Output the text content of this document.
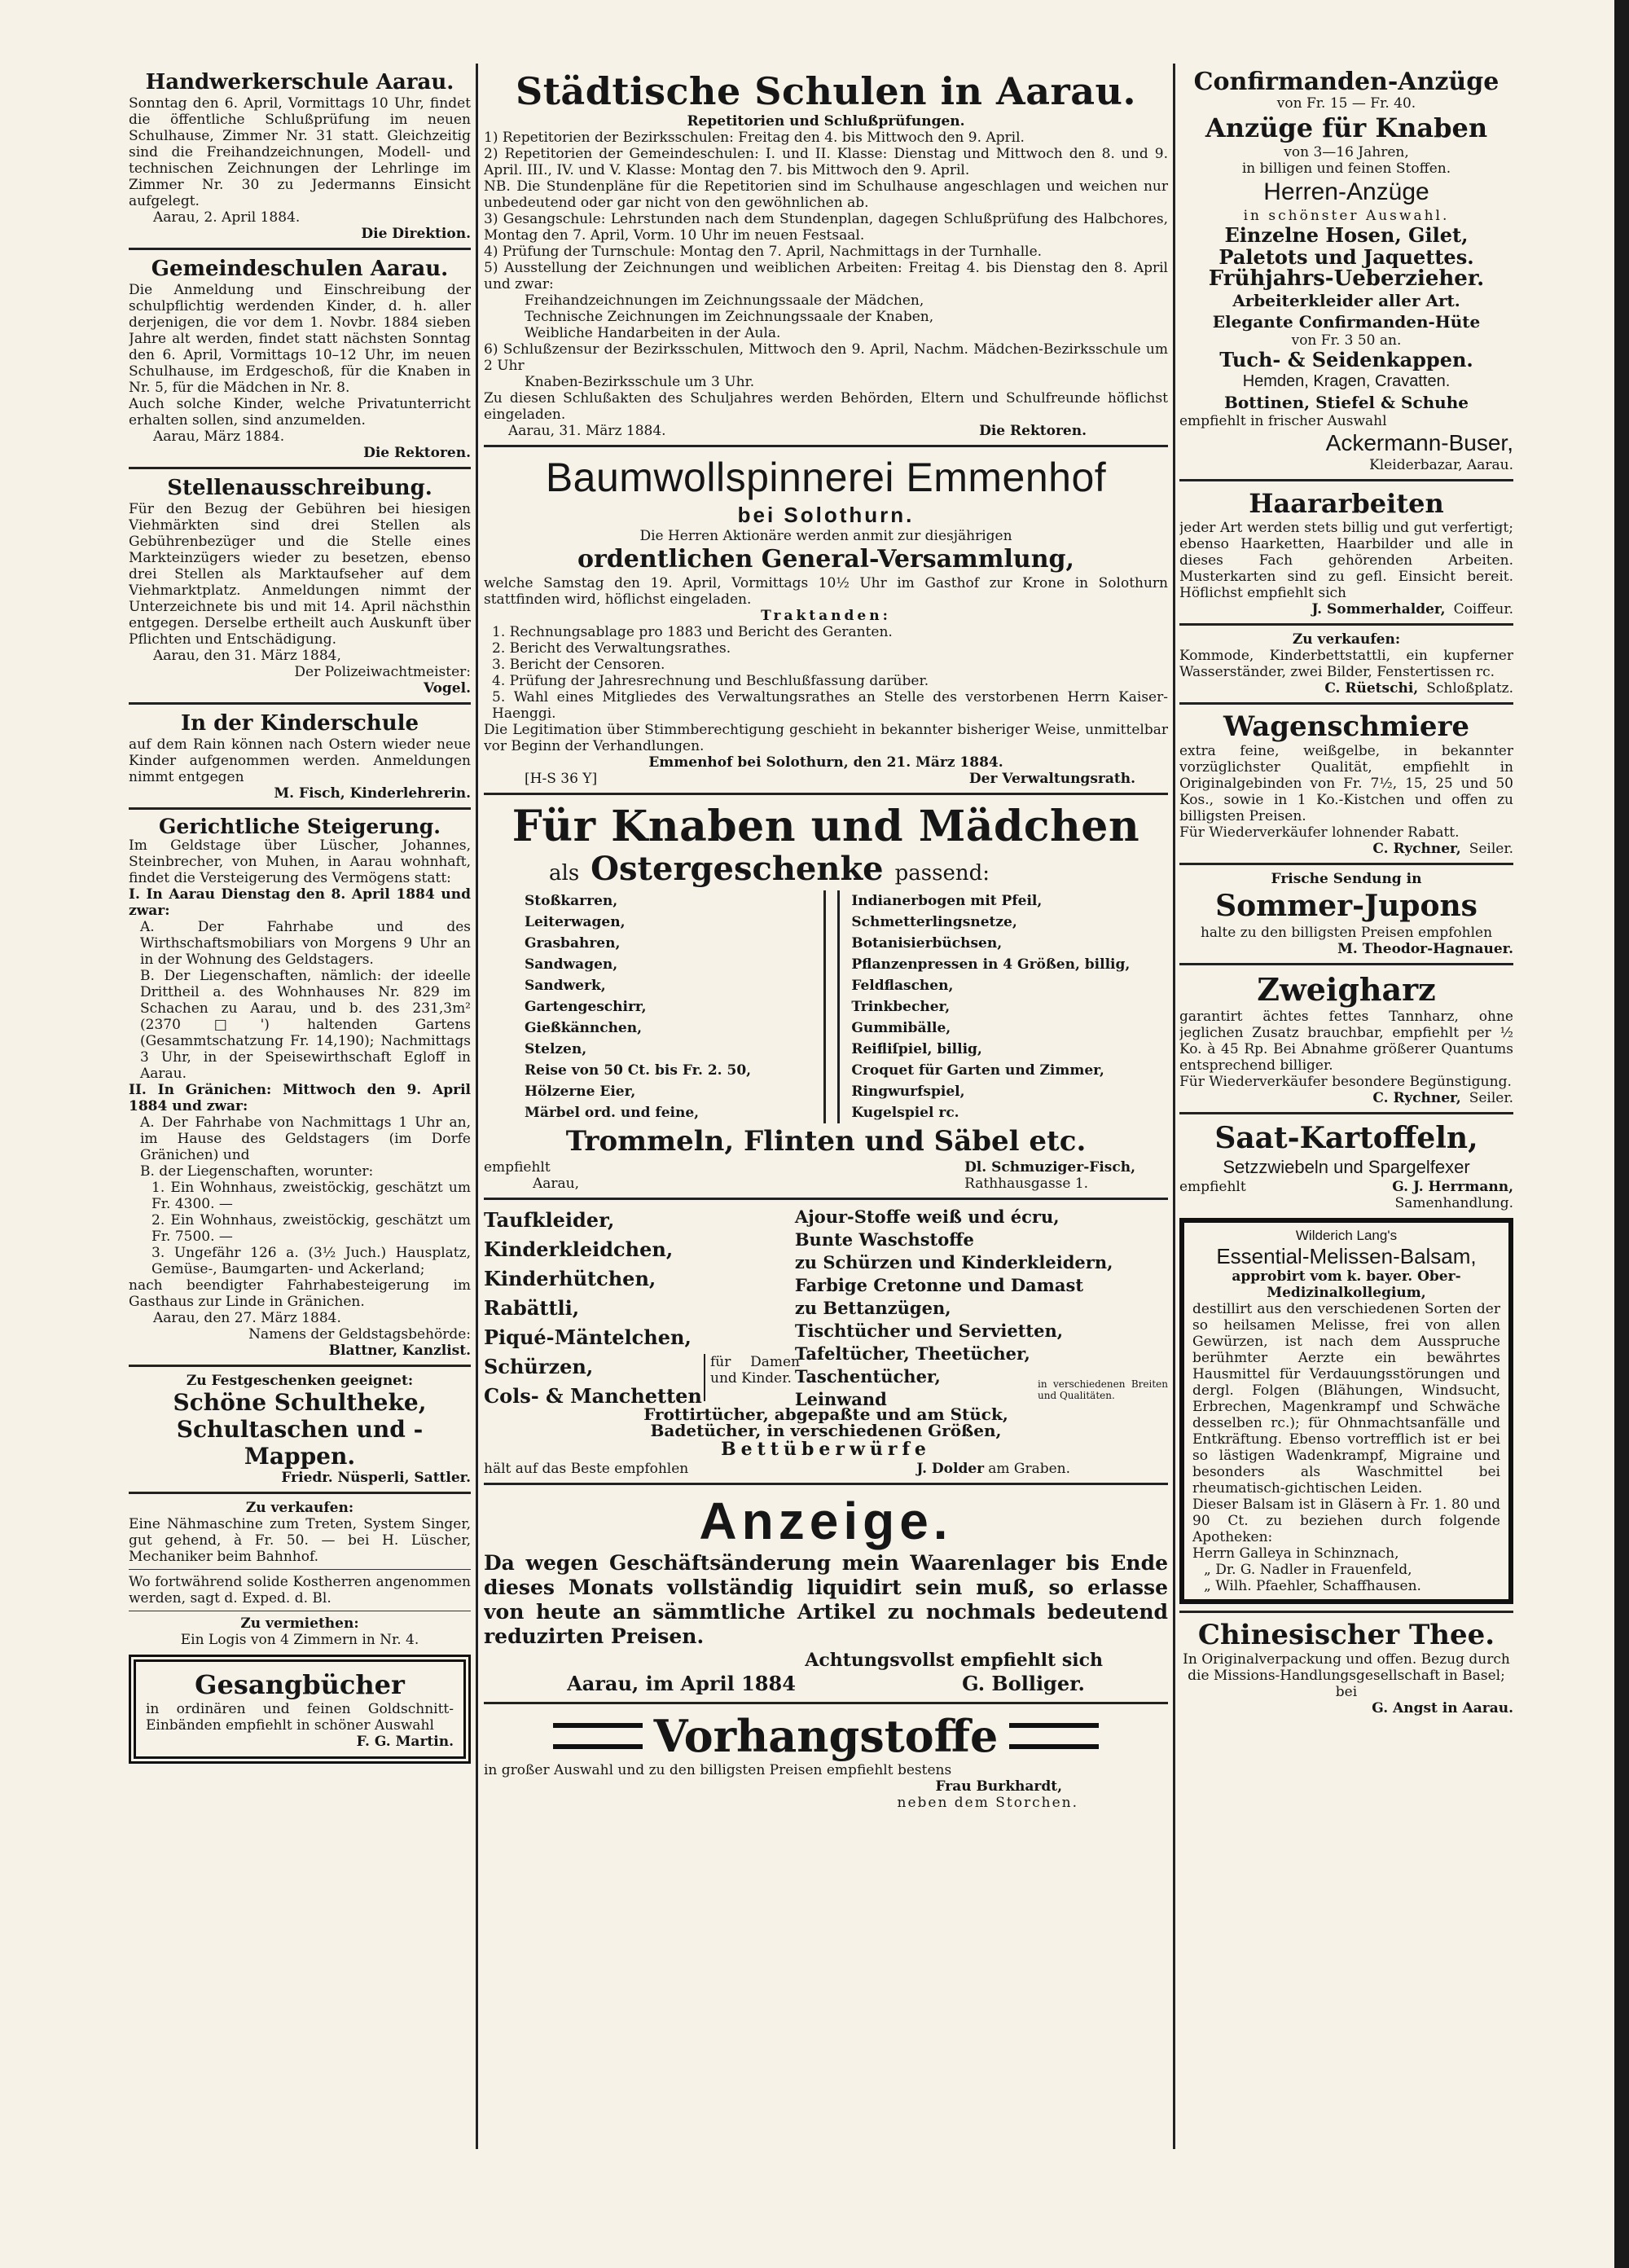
Handwerkerschule Aarau.

Sonntag den 6. April, Vormittags 10 Uhr, findet die öffentliche Schlußprüfung im neuen Schulhause, Zimmer Nr. 31 statt. Gleichzeitig sind die Freihandzeichnungen, Modell- und technischen Zeichnungen der Lehrlinge im Zimmer Nr. 30 zu Jedermanns Einsicht aufgelegt.

Aarau, 2. April 1884.

Die Direktion.
Gemeindeschulen Aarau.

Die Anmeldung und Einschreibung der schulpflichtig werdenden Kinder, d. h. aller derjenigen, die vor dem 1. Novbr. 1884 sieben Jahre alt werden, findet statt nächsten Sonntag den 6. April, Vormittags 10–12 Uhr, im neuen Schulhause, im Erdgeschoß, für die Knaben in Nr. 5, für die Mädchen in Nr. 8.

Auch solche Kinder, welche Privatunterricht erhalten sollen, sind anzumelden.

Aarau, März 1884.

Die Rektoren.
Stellenausschreibung.

Für den Bezug der Gebühren bei hiesigen Viehmärkten sind drei Stellen als Gebührenbezüger und die Stelle eines Markteinzügers wieder zu besetzen, ebenso drei Stellen als Marktaufseher auf dem Viehmarktplatz. Anmeldungen nimmt der Unterzeichnete bis und mit 14. April nächsthin entgegen. Derselbe ertheilt auch Auskunft über Pflichten und Entschädigung.

Aarau, den 31. März 1884,

Der Polizeiwachtmeister:
Vogel.
In der Kinderschule

auf dem Rain können nach Ostern wieder neue Kinder aufgenommen werden. Anmeldungen nimmt entgegen

M. Fisch, Kinderlehrerin.
Gerichtliche Steigerung.

Im Geldstage über Lüscher, Johannes, Steinbrecher, von Muhen, in Aarau wohnhaft, findet die Versteigerung des Vermögens statt:

I. In Aarau Dienstag den 8. April 1884 und zwar:

A. Der Fahrhabe und des Wirthschaftsmobiliars von Morgens 9 Uhr an in der Wohnung des Geldstagers.

B. Der Liegenschaften, nämlich: der ideelle Drittheil a. des Wohnhauses Nr. 829 im Schachen zu Aarau, und b. des 231,3m² (2370□') haltenden Gartens (Gesammtschatzung Fr. 14,190); Nachmittags 3 Uhr, in der Speisewirthschaft Egloff in Aarau.

II. In Gränichen: Mittwoch den 9. April 1884 und zwar:

A. Der Fahrhabe von Nachmittags 1 Uhr an, im Hause des Geldstagers (im Dorfe Gränichen) und

B. der Liegenschaften, worunter:

1. Ein Wohnhaus, zweistöckig, geschätzt um Fr. 4300. —

2. Ein Wohnhaus, zweistöckig, geschätzt um Fr. 7500. —

3. Ungefähr 126 a. (3½ Juch.) Hausplatz, Gemüse-, Baumgarten- und Ackerland;

nach beendigter Fahrhabesteigerung im Gasthaus zur Linde in Gränichen.

Aarau, den 27. März 1884.

Namens der Geldstagsbehörde:
Blattner, Kanzlist.
Zu Festgeschenken geeignet:
Schöne Schultheke, Schultaschen und -Mappen.
Friedr. Nüsperli, Sattler.
Zu verkaufen:

Eine Nähmaschine zum Treten, System Singer, gut gehend, à Fr. 50. — bei H. Lüscher, Mechaniker beim Bahnhof.

Wo fortwährend solide Kostherren angenommen werden, sagt d. Exped. d. Bl.

Zu vermiethen:

Ein Logis von 4 Zimmern in Nr. 4.

Gesangbücher

in ordinären und feinen Goldschnitt-Einbänden empfiehlt in schöner Auswahl

F. G. Martin.
Städtische Schulen in Aarau.
Repetitorien und Schlußprüfungen.

1) Repetitorien der Bezirksschulen: Freitag den 4. bis Mittwoch den 9. April.

2) Repetitorien der Gemeindeschulen: I. und II. Klasse: Dienstag und Mittwoch den 8. und 9. April. III., IV. und V. Klasse: Montag den 7. bis Mittwoch den 9. April.

NB. Die Stundenpläne für die Repetitorien sind im Schulhause angeschlagen und weichen nur unbedeutend oder gar nicht von den gewöhnlichen ab.

3) Gesangschule: Lehrstunden nach dem Stundenplan, dagegen Schlußprüfung des Halbchores, Montag den 7. April, Vorm. 10 Uhr im neuen Festsaal.

4) Prüfung der Turnschule: Montag den 7. April, Nachmittags in der Turnhalle.

5) Ausstellung der Zeichnungen und weiblichen Arbeiten: Freitag 4. bis Dienstag den 8. April und zwar:

Freihandzeichnungen im Zeichnungssaale der Mädchen,

Technische Zeichnungen im Zeichnungssaale der Knaben,

Weibliche Handarbeiten in der Aula.

6) Schlußzensur der Bezirksschulen, Mittwoch den 9. April, Nachm. Mädchen-Bezirksschule um 2 Uhr

Knaben-Bezirksschule um 3 Uhr.

Zu diesen Schlußakten des Schuljahres werden Behörden, Eltern und Schulfreunde höflichst eingeladen.

Aarau, 31. März 1884.	Die Rektoren.
Baumwollspinnerei Emmenhof
bei Solothurn.

Die Herren Aktionäre werden anmit zur diesjährigen

ordentlichen General-Versammlung,

welche Samstag den 19. April, Vormittags 10½ Uhr im Gasthof zur Krone in Solothurn stattfinden wird, höflichst eingeladen.

Traktanden:
1. Rechnungsablage pro 1883 und Bericht des Geranten.
2. Bericht des Verwaltungsrathes.
3. Bericht der Censoren.
4. Prüfung der Jahresrechnung und Beschlußfassung darüber.
5. Wahl eines Mitgliedes des Verwaltungsrathes an Stelle des verstorbenen Herrn Kaiser-Haenggi.

Die Legitimation über Stimmberechtigung geschieht in bekannter bisheriger Weise, unmittelbar vor Beginn der Verhandlungen.

Emmenhof bei Solothurn, den 21. März 1884.

[H-S 36 Y]	Der Verwaltungsrath.
Für Knaben und Mädchen
als Ostergeschenke passend:
Stoßkarren,
Leiterwagen,
Grasbahren,
Sandwagen,
Sandwerk,
Gartengeschirr,
Gießkännchen,
Stelzen,
Reise von 50 Ct. bis Fr. 2. 50,
Hölzerne Eier,
Märbel ord. und feine,
Indianerbogen mit Pfeil,
Schmetterlingsnetze,
Botanisierbüchsen,
Pflanzenpressen in 4 Größen, billig,
Feldflaschen,
Trinkbecher,
Gummibälle,
Reifliſpiel, billig,
Croquet für Garten und Zimmer,
Ringwurfspiel,
Kugelspiel rc.
Trommeln, Flinten und Säbel etc.
empfiehlt
Aarau,
Dl. Schmuziger-Fisch,
Rathhausgasse 1.
Taufkleider,
Kinderkleidchen,
Kinderhütchen,
Rabättli,
Piqué-Mäntelchen,
Schürzen,
Cols- & Manchetten
Ajour-Stoffe weiß und écru,
Bunte Waschstoffe
zu Schürzen und Kinderkleidern,
Farbige Cretonne und Damast
zu Bettanzügen,
Tischtücher und Servietten,
Tafeltücher, Theetücher,
Taschentücher,
Leinwand
für Damen und Kinder.	in verschiedenen Breiten und Qualitäten.

Frottirtücher, abgepaßte und am Stück,

Badetücher, in verschiedenen Größen,

Bettüberwürfe
hält auf das Beste empfohlen	J. Dolder am Graben.
Anzeige.

Da wegen Geschäftsänderung mein Waarenlager bis Ende dieses Monats vollständig liquidirt sein muß, so erlasse von heute an sämmtliche Artikel zu nochmals bedeutend reduzirten Preisen.

Achtungsvollst empfiehlt sich
Aarau, im April 1884	G. Bolliger.
Vorhangstoffe

in großer Auswahl und zu den billigsten Preisen empfiehlt bestens

Frau Burkhardt,
neben dem Storchen.
Confirmanden-Anzüge
von Fr. 15 — Fr. 40.
Anzüge für Knaben
von 3—16 Jahren,
in billigen und feinen Stoffen.
Herren-Anzüge
in schönster Auswahl.
Einzelne Hosen, Gilet, Paletots und Jaquettes.
Frühjahrs-Ueberzieher.
Arbeiterkleider aller Art.
Elegante Confirmanden-Hüte
von Fr. 3 50 an.
Tuch- & Seidenkappen.
Hemden, Kragen, Cravatten.
Bottinen, Stiefel & Schuhe
empfiehlt in frischer Auswahl
Ackermann-Buser,
Kleiderbazar, Aarau.
Haararbeiten

jeder Art werden stets billig und gut verfertigt; ebenso Haarketten, Haarbilder und alle in dieses Fach gehörenden Arbeiten. Musterkarten sind zu gefl. Einsicht bereit. Höflichst empfiehlt sich

J. Sommerhalder, Coiffeur.
Zu verkaufen:

Kommode, Kinderbettstattli, ein kupferner Wasserständer, zwei Bilder, Fenstertissen rc.

C. Rüetschi, Schloßplatz.
Wagenschmiere

extra feine, weißgelbe, in bekannter vorzüglichster Qualität, empfiehlt in Originalgebinden von Fr. 7½, 15, 25 und 50 Kos., sowie in 1 Ko.-Kistchen und offen zu billigsten Preisen.

Für Wiederverkäufer lohnender Rabatt.

C. Rychner, Seiler.
Frische Sendung in
Sommer-Jupons

halte zu den billigsten Preisen empfohlen

M. Theodor-Hagnauer.
Zweigharz

garantirt ächtes fettes Tannharz, ohne jeglichen Zusatz brauchbar, empfiehlt per ½ Ko. à 45 Rp. Bei Abnahme größerer Quantums entsprechend billiger.

Für Wiederverkäufer besondere Begünstigung.

C. Rychner, Seiler.
Saat-Kartoffeln,
Setzzwiebeln und Spargelfexer
empfiehlt	G. J. Herrmann,
Samenhandlung.
Wilderich Lang's
Essential-Melissen-Balsam,
approbirt vom k. bayer. Ober-Medizinalkollegium,

destillirt aus den verschiedenen Sorten der so heilsamen Melisse, frei von allen Gewürzen, ist nach dem Ausspruche berühmter Aerzte ein bewährtes Hausmittel für Verdauungsstörungen und dergl. Folgen (Blähungen, Windsucht, Erbrechen, Magenkrampf und Schwäche desselben rc.); für Ohnmachtsanfälle und Entkräftung. Ebenso vortrefflich ist er bei so lästigen Wadenkrampf, Migraine und besonders als Waschmittel bei rheumatisch-gichtischen Leiden.

Dieser Balsam ist in Gläsern à Fr. 1. 80 und 90 Ct. zu beziehen durch folgende Apotheken:

Herrn Galleya in Schinznach,

„ Dr. G. Nadler in Frauenfeld,

„ Wilh. Pfaehler, Schaffhausen.

Chinesischer Thee.

In Originalverpackung und offen. Bezug durch die Missions-Handlungsgesellschaft in Basel; bei

G. Angst in Aarau.
